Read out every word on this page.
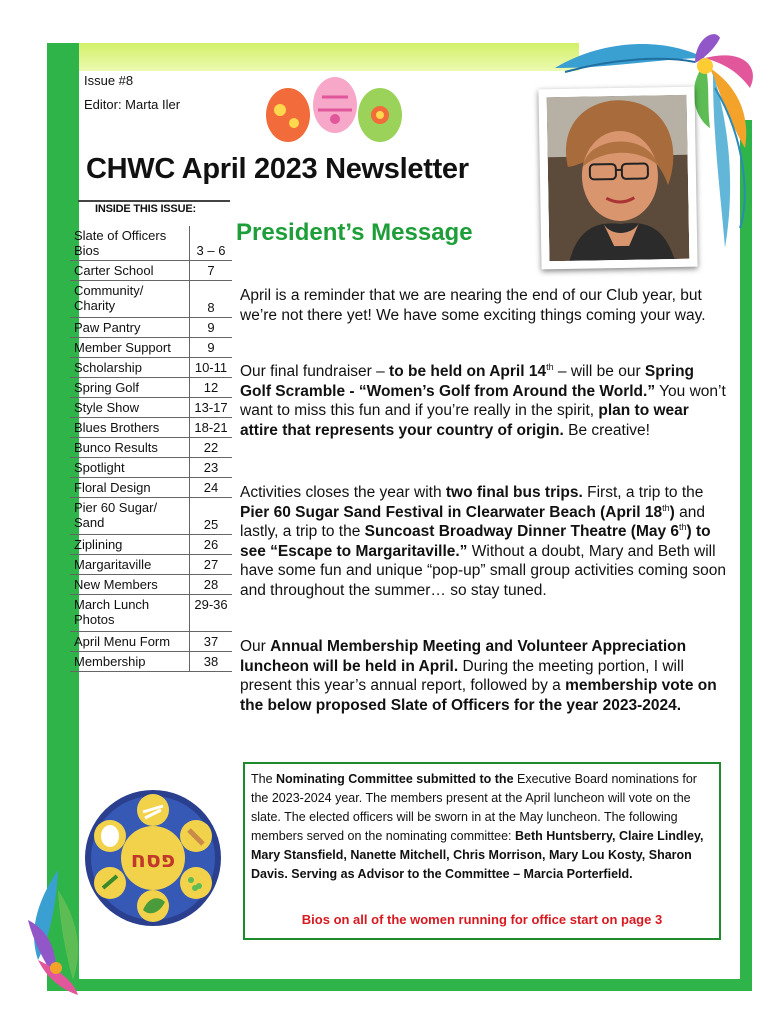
Issue #8
Editor: Marta Iler
CHWC April 2023 Newsletter
INSIDE THIS ISSUE:
Slate of Officers Bios	3 – 6
Carter School	7
Community/ Charity	8
Paw Pantry	9
Member Support	9
Scholarship	10-11
Spring Golf	12
Style Show	13-17
Blues Brothers	18-21
Bunco Results	22
Spotlight	23
Floral Design	24
Pier 60 Sugar/ Sand	25
Ziplining	26
Margaritaville	27
New Members	28
March Lunch Photos	29-36
April Menu Form	37
Membership	38
פסח
President’s Message

April is a reminder that we are nearing the end of our Club year, but we’re not there yet! We have some exciting things coming your way.

Our final fundraiser – to be held on April 14th – will be our Spring Golf Scramble - “Women’s Golf from Around the World.” You won’t want to miss this fun and if you’re really in the spirit, plan to wear attire that represents your country of origin. Be creative!

Activities closes the year with two final bus trips. First, a trip to the Pier 60 Sugar Sand Festival in Clearwater Beach (April 18th) and lastly, a trip to the Suncoast Broadway Dinner Theatre (May 6th) to see “Escape to Margaritaville.” Without a doubt, Mary and Beth will have some fun and unique “pop-up” small group activities coming soon and throughout the summer… so stay tuned.

Our Annual Membership Meeting and Volunteer Appreciation luncheon will be held in April. During the meeting portion, I will present this year’s annual report, followed by a membership vote on the below proposed Slate of Officers for the year 2023-2024.

The Nominating Committee submitted to the Executive Board nominations for the 2023-2024 year. The members present at the April luncheon will vote on the slate. The elected officers will be sworn in at the May luncheon. The following members served on the nominating committee: Beth Huntsberry, Claire Lindley, Mary Stansfield, Nanette Mitchell, Chris Morrison, Mary Lou Kosty, Sharon Davis. Serving as Advisor to the Committee – Marcia Porterfield.

Bios on all of the women running for office start on page 3
